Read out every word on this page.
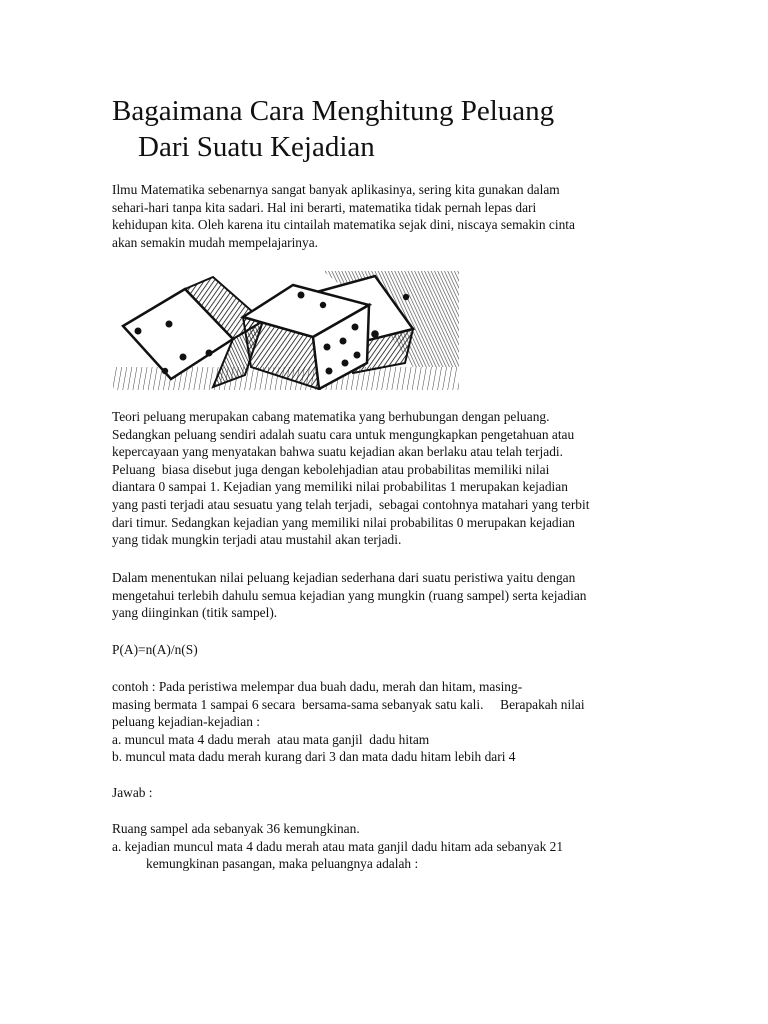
Bagaimana Cara Menghitung Peluang
Dari Suatu Kejadian

Ilmu Matematika sebenarnya sangat banyak aplikasinya, sering kita gunakan dalam
sehari-hari tanpa kita sadari. Hal ini berarti, matematika tidak pernah lepas dari
kehidupan kita. Oleh karena itu cintailah matematika sejak dini, niscaya semakin cinta
akan semakin mudah mempelajarinya.

Teori peluang merupakan cabang matematika yang berhubungan dengan peluang.
Sedangkan peluang sendiri adalah suatu cara untuk mengungkapkan pengetahuan atau
kepercayaan yang menyatakan bahwa suatu kejadian akan berlaku atau telah terjadi.
Peluang  biasa disebut juga dengan kebolehjadian atau probabilitas memiliki nilai
diantara 0 sampai 1. Kejadian yang memiliki nilai probabilitas 1 merupakan kejadian
yang pasti terjadi atau sesuatu yang telah terjadi,  sebagai contohnya matahari yang terbit
dari timur. Sedangkan kejadian yang memiliki nilai probabilitas 0 merupakan kejadian
yang tidak mungkin terjadi atau mustahil akan terjadi.

Dalam menentukan nilai peluang kejadian sederhana dari suatu peristiwa yaitu dengan
mengetahui terlebih dahulu semua kejadian yang mungkin (ruang sampel) serta kejadian
yang diinginkan (titik sampel).

P(A)=n(A)/n(S)

contoh : Pada peristiwa melempar dua buah dadu, merah dan hitam, masing-
masing bermata 1 sampai 6 secara  bersama-sama sebanyak satu kali.     Berapakah nilai
peluang kejadian-kejadian :
a. muncul mata 4 dadu merah  atau mata ganjil  dadu hitam
b. muncul mata dadu merah kurang dari 3 dan mata dadu hitam lebih dari 4

Jawab :

Ruang sampel ada sebanyak 36 kemungkinan.
a. kejadian muncul mata 4 dadu merah atau mata ganjil dadu hitam ada sebanyak 21
kemungkinan pasangan, maka peluangnya adalah :
